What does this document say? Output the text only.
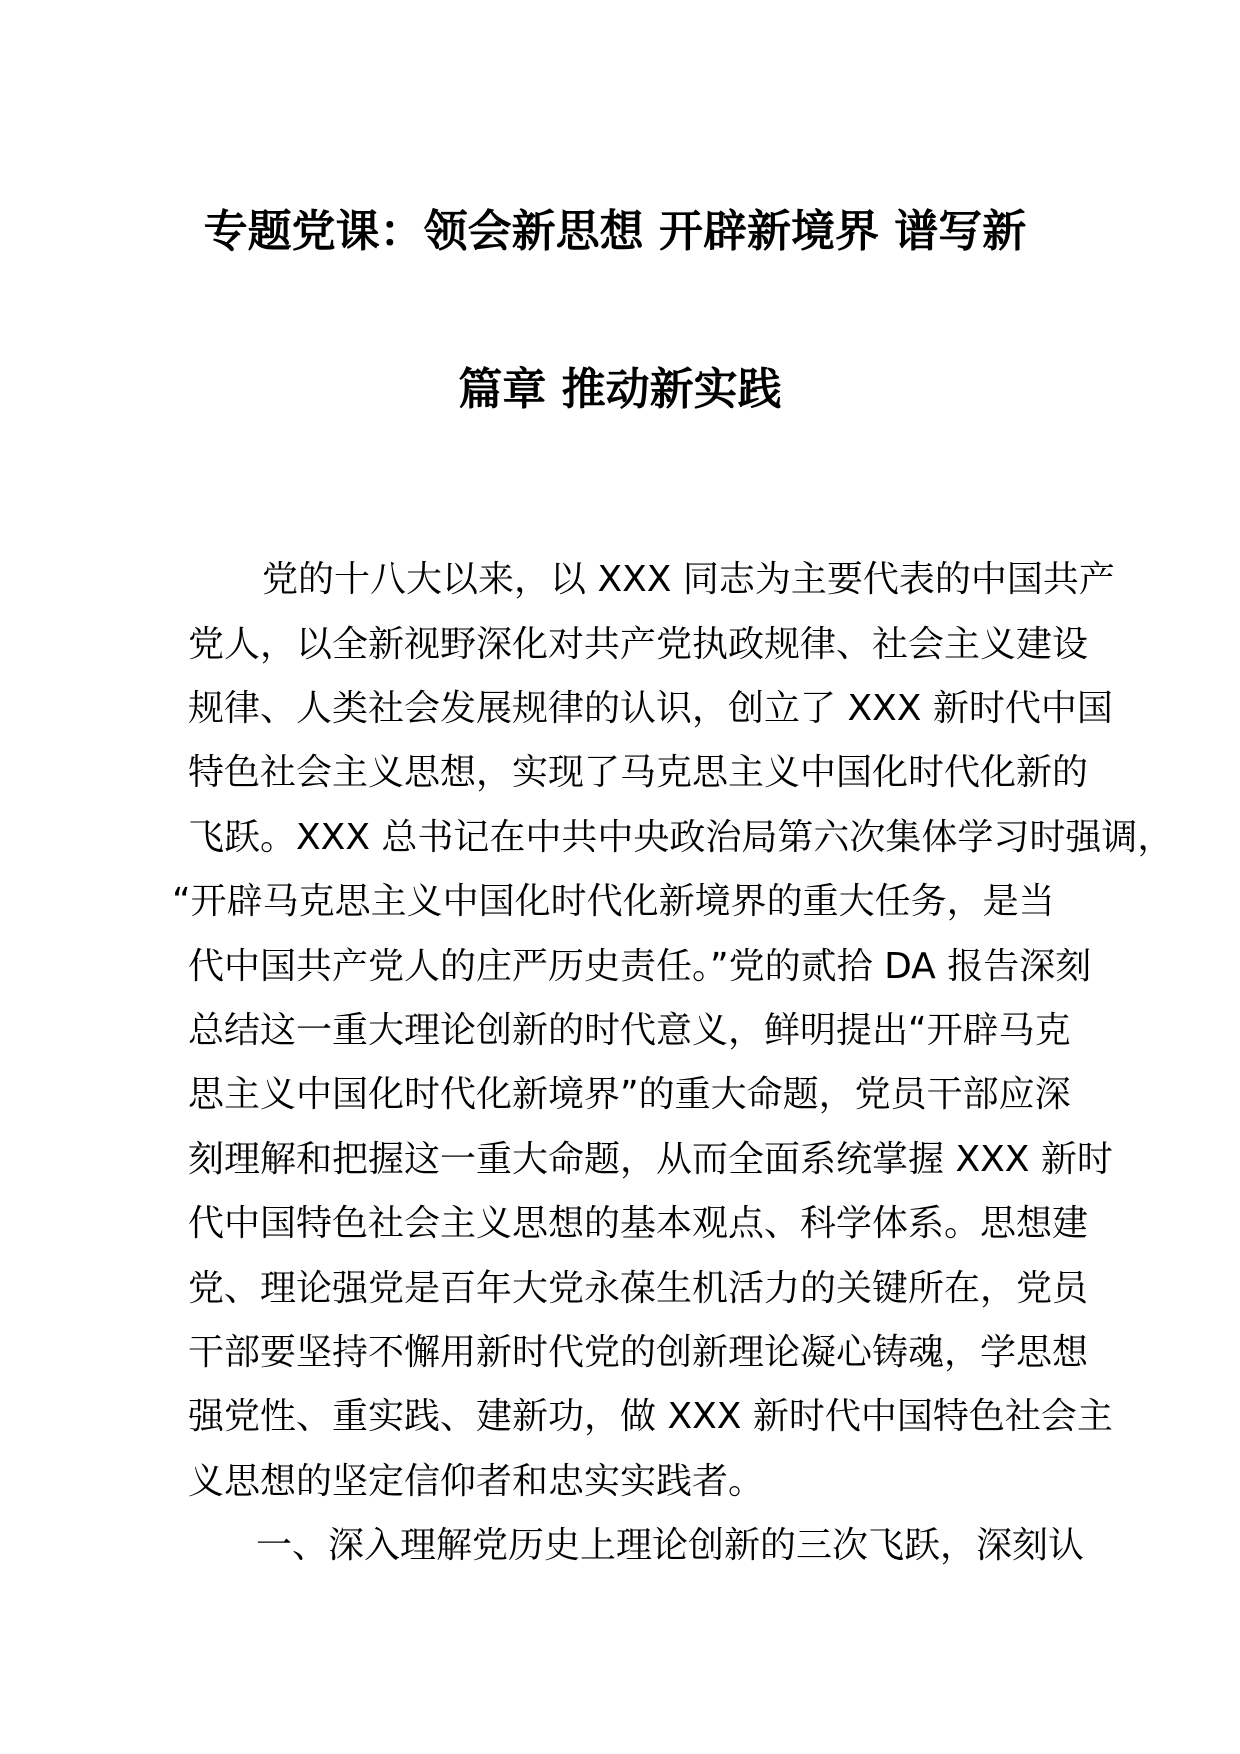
专题党课：领会新思想 开辟新境界 谱写新
篇章 推动新实践
党的十八大以来，以 XXX 同志为主要代表的中国共产
党人，以全新视野深化对共产党执政规律、社会主义建设
规律、人类社会发展规律的认识，创立了 XXX 新时代中国
特色社会主义思想，实现了马克思主义中国化时代化新的
飞跃。XXX 总书记在中共中央政治局第六次集体学习时强调，
“开辟马克思主义中国化时代化新境界的重大任务，是当
代中国共产党人的庄严历史责任。”党的贰拾 DA 报告深刻
总结这一重大理论创新的时代意义，鲜明提出“开辟马克
思主义中国化时代化新境界”的重大命题，党员干部应深
刻理解和把握这一重大命题，从而全面系统掌握 XXX 新时
代中国特色社会主义思想的基本观点、科学体系。思想建
党、理论强党是百年大党永葆生机活力的关键所在，党员
干部要坚持不懈用新时代党的创新理论凝心铸魂，学思想
强党性、重实践、建新功，做 XXX 新时代中国特色社会主
义思想的坚定信仰者和忠实实践者。
一、深入理解党历史上理论创新的三次飞跃，深刻认
